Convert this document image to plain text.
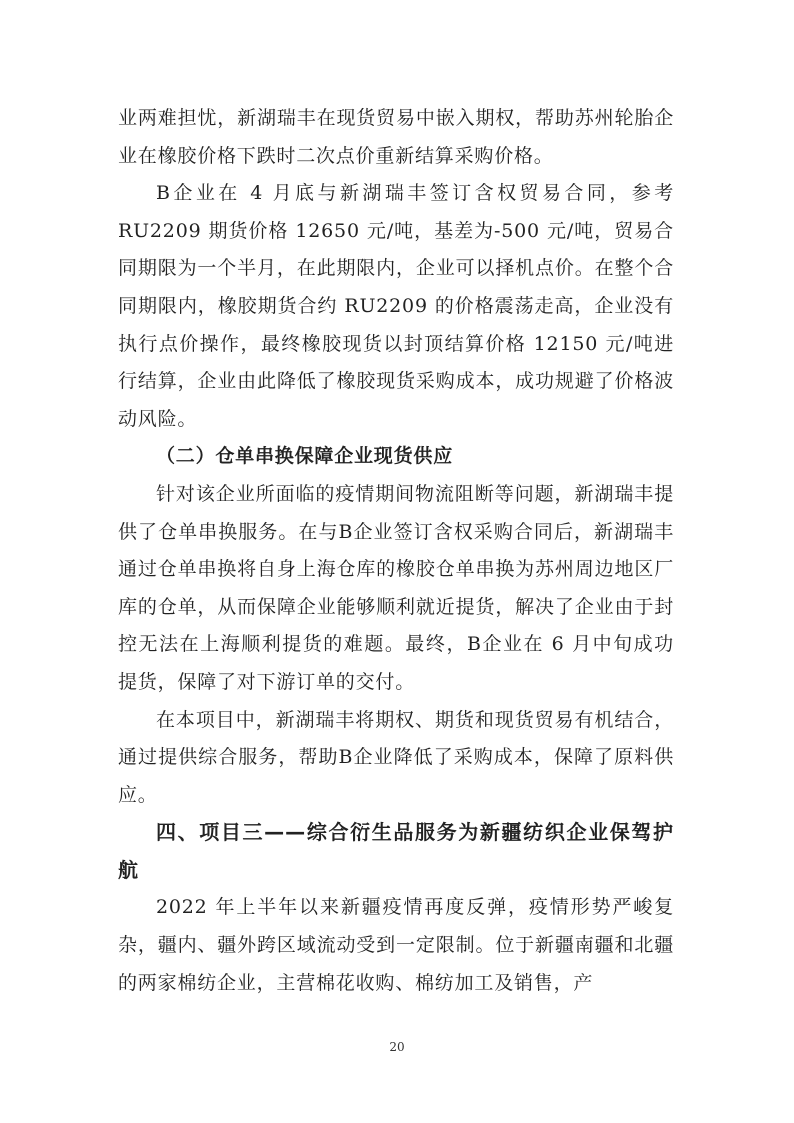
业两难担忧，新湖瑞丰在现货贸易中嵌入期权，帮助苏州轮胎企业在橡胶价格下跌时二次点价重新结算采购价格。

B企业在 4 月底与新湖瑞丰签订含权贸易合同，参考 RU2209 期货价格 12650 元/吨，基差为-500 元/吨，贸易合同期限为一个半月，在此期限内，企业可以择机点价。在整个合同期限内，橡胶期货合约 RU2209 的价格震荡走高，企业没有执行点价操作，最终橡胶现货以封顶结算价格 12150 元/吨进行结算，企业由此降低了橡胶现货采购成本，成功规避了价格波动风险。

（二）仓单串换保障企业现货供应

针对该企业所面临的疫情期间物流阻断等问题，新湖瑞丰提供了仓单串换服务。在与B企业签订含权采购合同后，新湖瑞丰通过仓单串换将自身上海仓库的橡胶仓单串换为苏州周边地区厂库的仓单，从而保障企业能够顺利就近提货，解决了企业由于封控无法在上海顺利提货的难题。最终，B企业在 6 月中旬成功提货，保障了对下游订单的交付。

在本项目中，新湖瑞丰将期权、期货和现货贸易有机结合，通过提供综合服务，帮助B企业降低了采购成本，保障了原料供应。

四、项目三——综合衍生品服务为新疆纺织企业保驾护航

2022 年上半年以来新疆疫情再度反弹，疫情形势严峻复杂，疆内、疆外跨区域流动受到一定限制。位于新疆南疆和北疆的两家棉纺企业，主营棉花收购、棉纺加工及销售，产

20
